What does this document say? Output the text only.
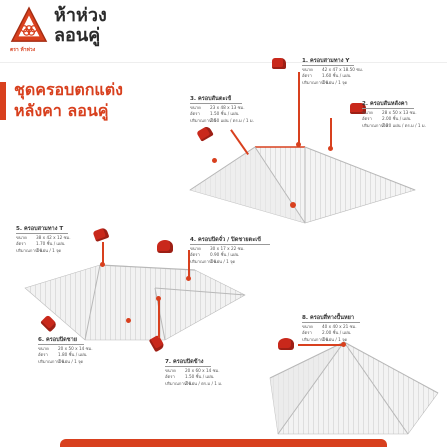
ห้าห่วง
ลอนคู่
ตรา ห้าห่วง
ชุดครอบตกแต่ง
หลังคา ลอนคู่
1. ครอบสามทาง Y
ขนาด 42 x 47 x 18.50 ซม.
อัตรา 1.60 ชิ้น / แผ่น
ปริมาณการใช้1 แผ่น / 1 จุด
2. ครอบสันหลังคา
ขนาด 28 x 50 x 13 ซม.
อัตรา 2.00 ชิ้น / แผ่น
ปริมาณการใช้2.20 แผ่น / ตร.ม / 1 ม.
3. ครอบสันตะเข้
ขนาด 23 x 48 x 13 ซม.
อัตรา 1.50 ชิ้น / แผ่น
ปริมาณการใช้2.50 แผ่น / ตร.ม / 1 ม.
5. ครอบสามทาง T
ขนาด 38 x 42 x 12 ซม.
อัตรา 1.70 ชิ้น / แผ่น
ปริมาณการใช้1 แผ่น / 1 จุด
4. ครอบปิดจั่ว / ปิดชายตะเข้
ขนาด 30 x 17 x 22 ซม.
อัตรา 0.90 ชิ้น / แผ่น
ปริมาณการใช้1 แผ่น / 1 จุด
6. ครอบปิดชาย
ขนาด 20 x 50 x 14 ซม.
อัตรา 1.80 ชิ้น / แผ่น
ปริมาณการใช้1 แผ่น / 1 จุด	7. ครอบปิดข้าง
ขนาด 20 x 60 x 14 ซม.
อัตรา 1.50 ชิ้น / แผ่น
ปริมาณการใช้2 แผ่น / ตร.ม / 1 ม.
8. ครอบสี่ทางปั้นหยา
ขนาด 40 x 40 x 21 ซม.
อัตรา 2.00 ชิ้น / แผ่น
ปริมาณการใช้1 แผ่น / 1 จุด
